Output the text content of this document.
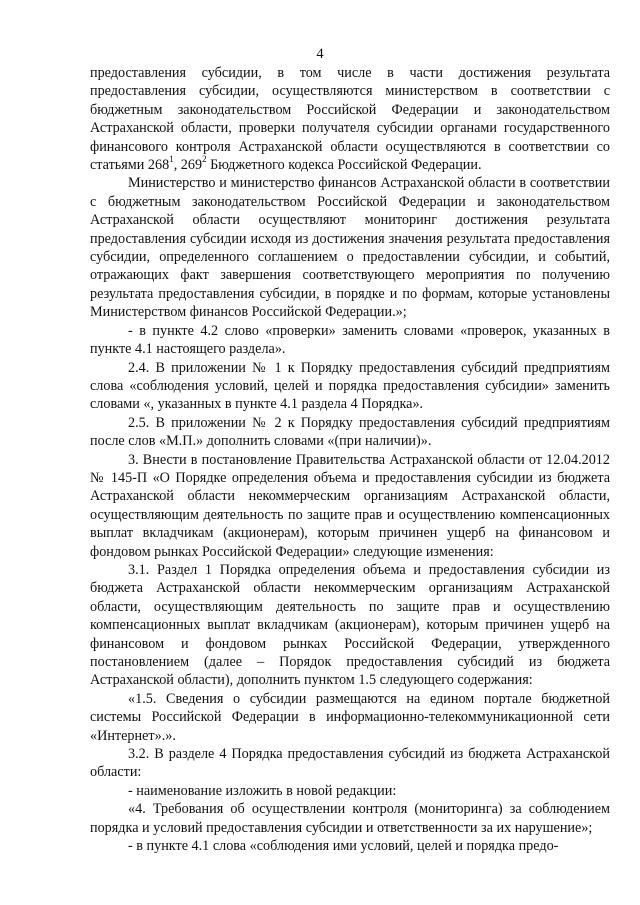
4

предоставления субсидии, в том числе в части достижения результата предоставления субсидии, осуществляются министерством в соответствии с бюджетным законодательством Российской Федерации и законодательством Астраханской области, проверки получателя субсидии органами государственного финансового контроля Астраханской области осуществляются в соответствии со статьями $268^1$, $269^2$ Бюджетного кодекса Российской Федерации.

Министерство и министерство финансов Астраханской области в соответствии с бюджетным законодательством Российской Федерации и законодательством Астраханской области осуществляют мониторинг достижения результата предоставления субсидии исходя из достижения значения результата предоставления субсидии, определенного соглашением о предоставлении субсидии, и событий, отражающих факт завершения соответствующего мероприятия по получению результата предоставления субсидии, в порядке и по формам, которые установлены Министерством финансов Российской Федерации.»;

- в пункте 4.2 слово «проверки» заменить словами «проверок, указанных в пункте 4.1 настоящего раздела».

2.4. В приложении № 1 к Порядку предоставления субсидий предприятиям слова «соблюдения условий, целей и порядка предоставления субсидии» заменить словами «, указанных в пункте 4.1 раздела 4 Порядка».

2.5. В приложении № 2 к Порядку предоставления субсидий предприятиям после слов «М.П.» дополнить словами «(при наличии)».

3. Внести в постановление Правительства Астраханской области от 12.04.2012 № 145-П «О Порядке определения объема и предоставления субсидии из бюджета Астраханской области некоммерческим организациям Астраханской области, осуществляющим деятельность по защите прав и осуществлению компенсационных выплат вкладчикам (акционерам), которым причинен ущерб на финансовом и фондовом рынках Российской Федерации» следующие изменения:

3.1. Раздел 1 Порядка определения объема и предоставления субсидии из бюджета Астраханской области некоммерческим организациям Астраханской области, осуществляющим деятельность по защите прав и осуществлению компенсационных выплат вкладчикам (акционерам), которым причинен ущерб на финансовом и фондовом рынках Российской Федерации, утвержденного постановлением (далее – Порядок предоставления субсидий из бюджета Астраханской области), дополнить пунктом 1.5 следующего содержания:

«1.5. Сведения о субсидии размещаются на едином портале бюджетной системы Российской Федерации в информационно-телекоммуникационной сети «Интернет».».

3.2. В разделе 4 Порядка предоставления субсидий из бюджета Астраханской области:

- наименование изложить в новой редакции:

«4. Требования об осуществлении контроля (мониторинга) за соблюдением порядка и условий предоставления субсидии и ответственности за их нарушение»;

- в пункте 4.1 слова «соблюдения ими условий, целей и порядка предо-
